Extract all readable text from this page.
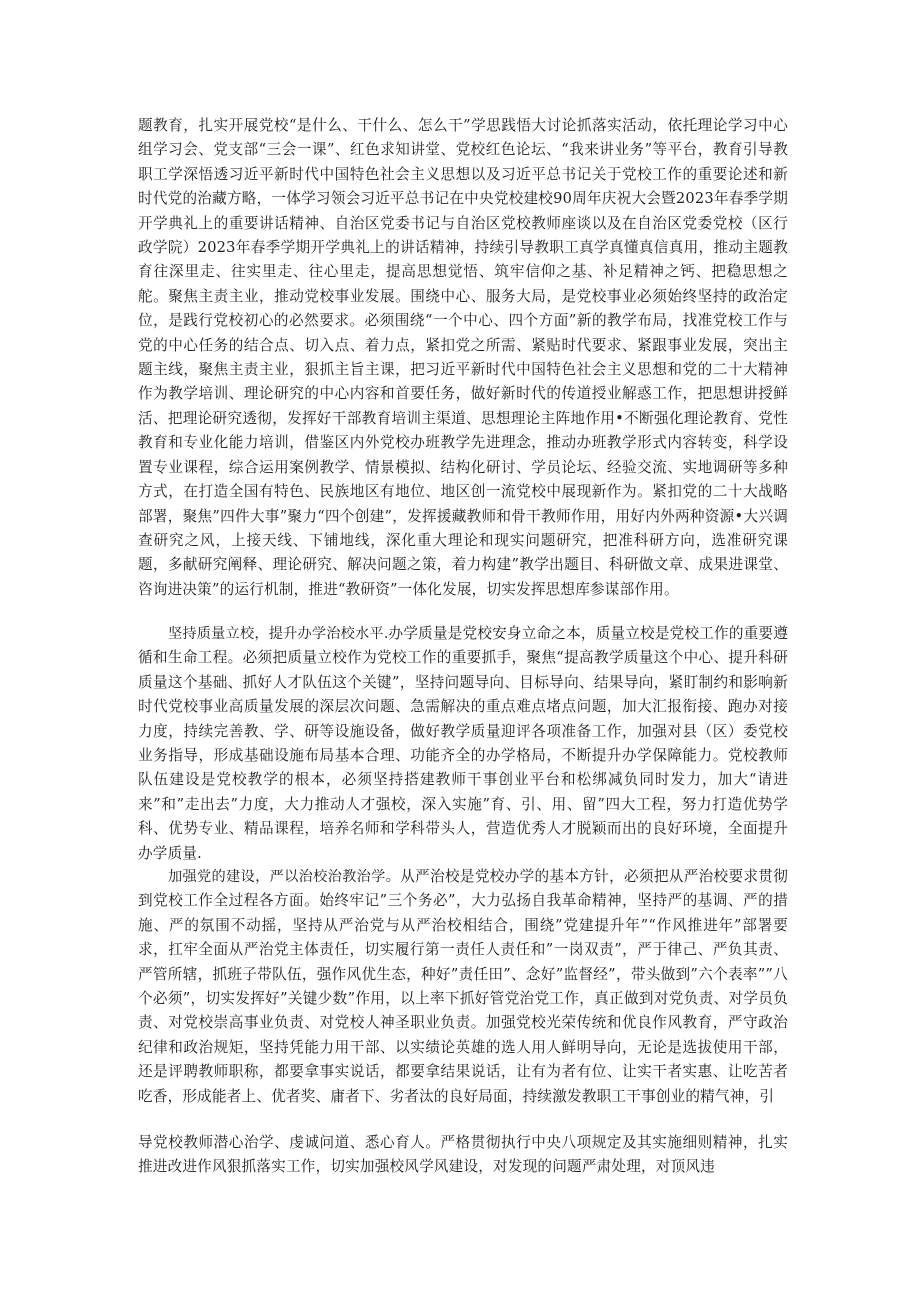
题教育，扎实开展党校“是什么、干什么、怎么干”学思践悟大讨论抓落实活动，依托理论学习中心组学习会、党支部“三会一课”、红色求知讲堂、党校红色论坛、“我来讲业务”等平台，教育引导教职工学深悟透习近平新时代中国特色社会主义思想以及习近平总书记关于党校工作的重要论述和新时代党的治藏方略，一体学习领会习近平总书记在中央党校建校90周年庆祝大会暨2023年春季学期开学典礼上的重要讲话精神、自治区党委书记与自治区党校教师座谈以及在自治区党委党校（区行政学院）2023年春季学期开学典礼上的讲话精神，持续引导教职工真学真懂真信真用，推动主题教育往深里走、往实里走、往心里走，提高思想觉悟、筑牢信仰之基、补足精神之钙、把稳思想之舵。聚焦主责主业，推动党校事业发展。围绕中心、服务大局，是党校事业必须始终坚持的政治定位，是践行党校初心的必然要求。必须围绕“一个中心、四个方面”新的教学布局，找准党校工作与党的中心任务的结合点、切入点、着力点，紧扣党之所需、紧贴时代要求、紧跟事业发展，突出主题主线，聚焦主责主业，狠抓主旨主课，把习近平新时代中国特色社会主义思想和党的二十大精神作为教学培训、理论研究的中心内容和首要任务，做好新时代的传道授业解惑工作，把思想讲授鲜活、把理论研究透彻，发挥好干部教育培训主渠道、思想理论主阵地作用•不断强化理论教育、党性教育和专业化能力培训，借鉴区内外党校办班教学先进理念，推动办班教学形式内容转变，科学设置专业课程，综合运用案例教学、情景模拟、结构化研讨、学员论坛、经验交流、实地调研等多种方式，在打造全国有特色、民族地区有地位、地区创一流党校中展现新作为。紧扣党的二十大战略部署，聚焦”四件大事”聚力“四个创建”，发挥援藏教师和骨干教师作用，用好内外两种资源•大兴调查研究之风，上接天线、下铺地线，深化重大理论和现实问题研究，把准科研方向，选准研究课题，多献研究阐释、理论研究、解决问题之策，着力构建”教学出题目、科研做文章、成果进课堂、咨询进决策”的运行机制，推进“教研资”一体化发展，切实发挥思想库参谋部作用。
坚持质量立校，提升办学治校水平.办学质量是党校安身立命之本，质量立校是党校工作的重要遵循和生命工程。必须把质量立校作为党校工作的重要抓手，聚焦“提高教学质量这个中心、提升科研质量这个基础、抓好人才队伍这个关键”，坚持问题导向、目标导向、结果导向，紧盯制约和影响新时代党校事业高质量发展的深层次问题、急需解决的重点难点堵点问题，加大汇报衔接、跑办对接力度，持续完善教、学、研等设施设备，做好教学质量迎评各项准备工作，加强对县（区）委党校业务指导，形成基础设施布局基本合理、功能齐全的办学格局，不断提升办学保障能力。党校教师队伍建设是党校教学的根本，必须坚持搭建教师干事创业平台和松绑减负同时发力，加大“请进来”和”走出去”力度，大力推动人才强校，深入实施”育、引、用、留”四大工程，努力打造优势学科、优势专业、精品课程，培养名师和学科带头人，营造优秀人才脱颖而出的良好环境，全面提升办学质量.
加强党的建设，严以治校治教治学。从严治校是党校办学的基本方针，必须把从严治校要求贯彻到党校工作全过程各方面。始终牢记”三个务必”，大力弘扬自我革命精神，坚持严的基调、严的措施、严的氛围不动摇，坚持从严治党与从严治校相结合，围绕”党建提升年”“作风推进年”部署要求，扛牢全面从严治党主体责任，切实履行第一责任人责任和”一岗双责”，严于律己、严负其责、严管所辖，抓班子带队伍，强作风优生态，种好”责任田”、念好”监督经”，带头做到”六个表率””八个必须”，切实发挥好”关键少数”作用，以上率下抓好管党治党工作，真正做到对党负责、对学员负责、对党校崇高事业负责、对党校人神圣职业负责。加强党校光荣传统和优良作风教育，严守政治纪律和政治规矩，坚持凭能力用干部、以实绩论英雄的选人用人鲜明导向，无论是选拔使用干部，还是评聘教师职称，都要拿事实说话，都要拿结果说话，让有为者有位、让实干者实惠、让吃苦者吃香，形成能者上、优者奖、庸者下、劣者汰的良好局面，持续激发教职工干事创业的精气神，引
导党校教师潜心治学、虔诚问道、悉心育人。严格贯彻执行中央八项规定及其实施细则精神，扎实推进改进作风狠抓落实工作，切实加强校风学风建设，对发现的问题严肃处理，对顶风违
